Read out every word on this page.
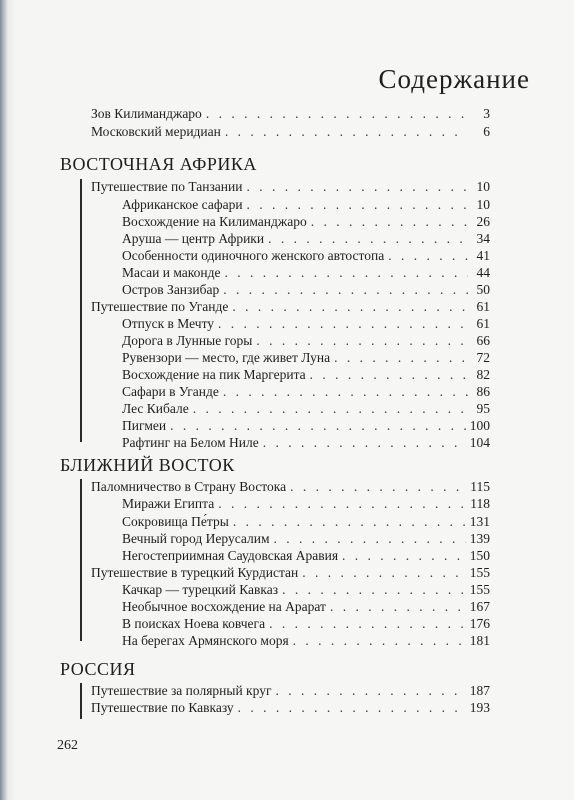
Содержание
Зов Килиманджаро . . .	3
Московский меридиан . . .	6
ВОСТОЧНАЯ АФРИКА
Путешествие по Танзании . . .	10
Африканское сафари . . .	10
Восхождение на Килиманджаро . . .	26
Аруша — центр Африки . . .	34
Особенности одиночного женского автостопа . . .	41
Масаи и маконде . . .	44
Остров Занзибар . . .	50
Путешествие по Уганде . . .	61
Отпуск в Мечту . . .	61
Дорога в Лунные горы . . .	66
Рувензори — место, где живет Луна . . .	72
Восхождение на пик Маргерита . . .	82
Сафари в Уганде . . .	86
Лес Кибале . . .	95
Пигмеи . . .	100
Рафтинг на Белом Ниле . . .	104
БЛИЖНИЙ ВОСТОК
Паломничество в Страну Востока . . .	115
Миражи Египта . . .	118
Сокровища Пе́тры . . .	131
Вечный город Иерусалим . . .	139
Негостеприимная Саудовская Аравия . . .	150
Путешествие в турецкий Курдистан . . .	155
Качкар — турецкий Кавказ . . .	155
Необычное восхождение на Арарат . . .	167
В поисках Ноева ковчега . . .	176
На берегах Армянского моря . . .	181
РОССИЯ
Путешествие за полярный круг . . .	187
Путешествие по Кавказу . . .	193
262
